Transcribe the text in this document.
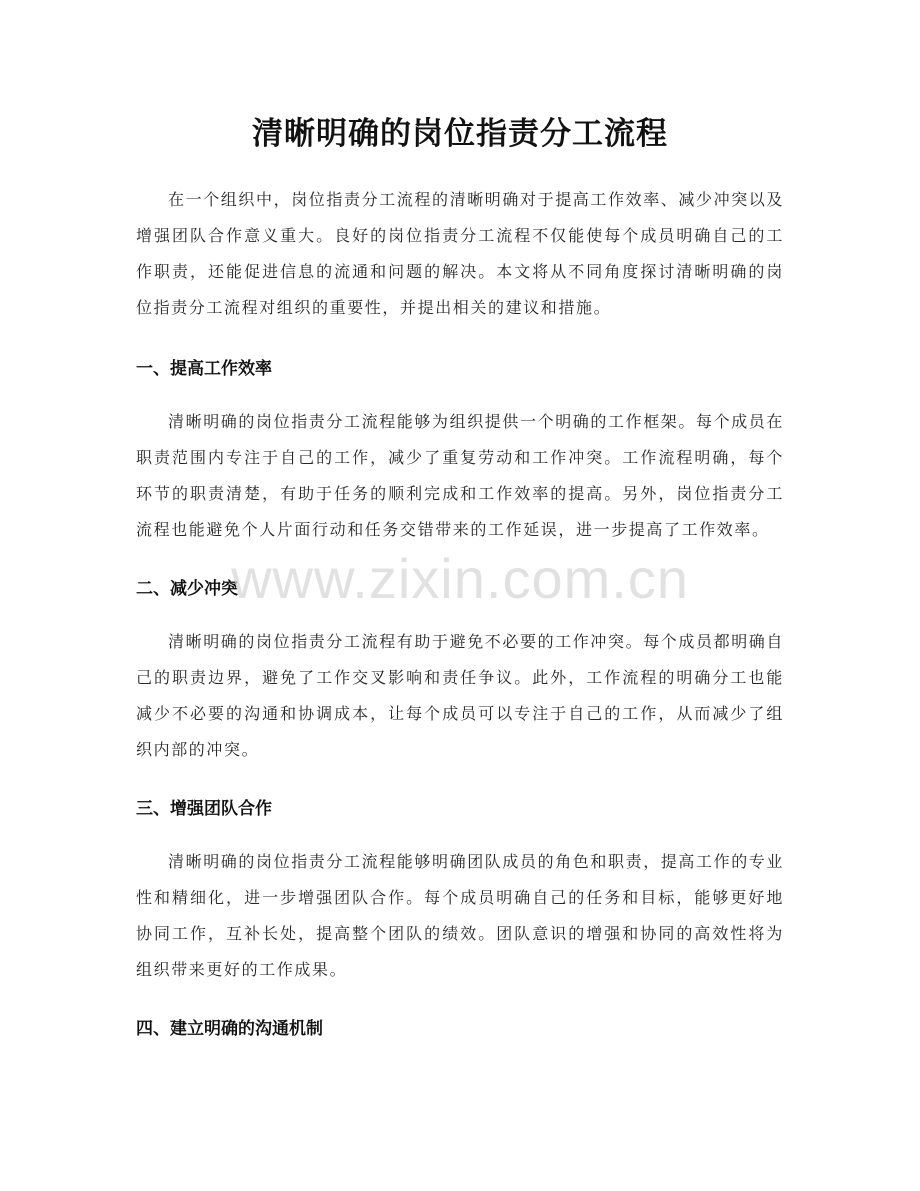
清晰明确的岗位指责分工流程

在一个组织中，岗位指责分工流程的清晰明确对于提高工作效率、减少冲突以及增强团队合作意义重大。良好的岗位指责分工流程不仅能使每个成员明确自己的工作职责，还能促进信息的流通和问题的解决。本文将从不同角度探讨清晰明确的岗位指责分工流程对组织的重要性，并提出相关的建议和措施。

一、提高工作效率

清晰明确的岗位指责分工流程能够为组织提供一个明确的工作框架。每个成员在职责范围内专注于自己的工作，减少了重复劳动和工作冲突。工作流程明确，每个环节的职责清楚，有助于任务的顺利完成和工作效率的提高。另外，岗位指责分工流程也能避免个人片面行动和任务交错带来的工作延误，进一步提高了工作效率。

二、减少冲突

清晰明确的岗位指责分工流程有助于避免不必要的工作冲突。每个成员都明确自己的职责边界，避免了工作交叉影响和责任争议。此外，工作流程的明确分工也能减少不必要的沟通和协调成本，让每个成员可以专注于自己的工作，从而减少了组织内部的冲突。

三、增强团队合作

清晰明确的岗位指责分工流程能够明确团队成员的角色和职责，提高工作的专业性和精细化，进一步增强团队合作。每个成员明确自己的任务和目标，能够更好地协同工作，互补长处，提高整个团队的绩效。团队意识的增强和协同的高效性将为组织带来更好的工作成果。

四、建立明确的沟通机制
www.zixin.com.cn
